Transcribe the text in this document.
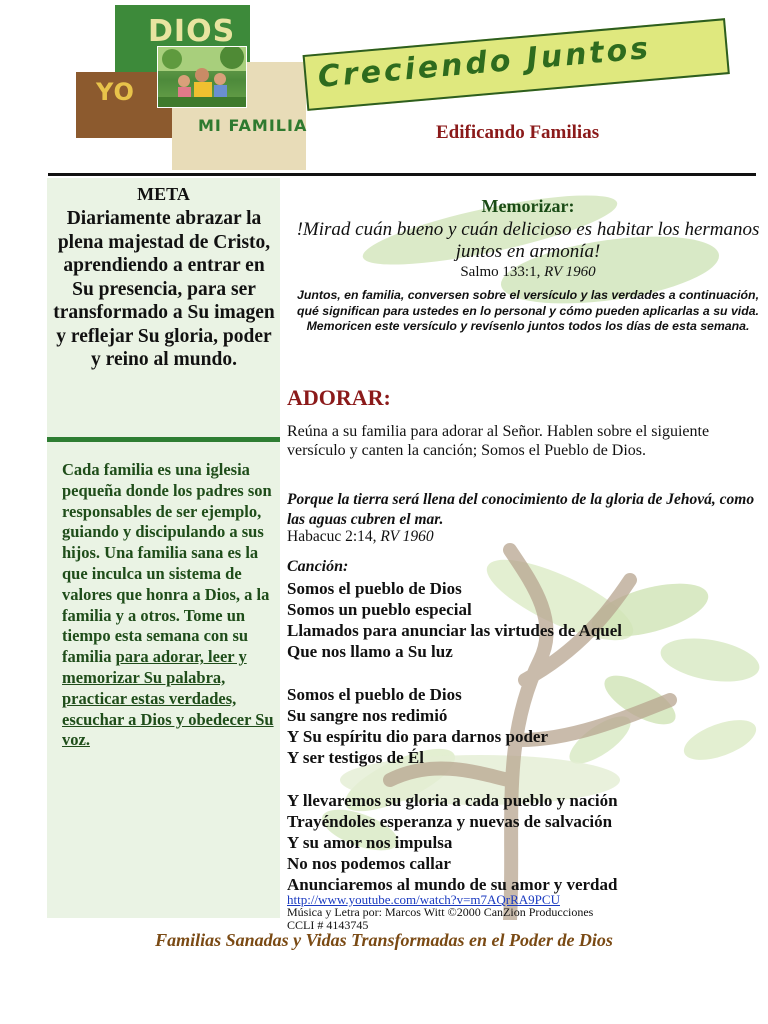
DIOS
YO
MI FAMILIA
Creciendo Juntos
Edificando Familias
META
Diariamente abrazar la plena majestad de Cristo, aprendiendo a entrar en Su presencia, para ser transformado a Su imagen y reflejar Su gloria, poder y reino al mundo.
Cada familia es una iglesia pequeña donde los padres son responsables de ser ejemplo, guiando y discipulando a sus hijos. Una familia sana es la que inculca un sistema de valores que honra a Dios, a la familia y a otros. Tome un tiempo esta semana con su familia para adorar, leer y memorizar Su palabra, practicar estas verdades, escuchar a Dios y obedecer Su voz.
Memorizar:
!Mirad cuán bueno y cuán delicioso es habitar los hermanos juntos en armonía!
Salmo 133:1, RV 1960
Juntos, en familia, conversen sobre el versículo y las verdades a continuación, qué significan para ustedes en lo personal y cómo pueden aplicarlas a su vida. Memoricen este versículo y revísenlo juntos todos los días de esta semana.
ADORAR:
Reúna a su familia para adorar al Señor. Hablen sobre el siguiente versículo y canten la canción; Somos el Pueblo de Dios.
Porque la tierra será llena del conocimiento de la gloria de Jehová, como las aguas cubren el mar.
Habacuc 2:14, RV 1960
Canción:
Somos el pueblo de Dios
Somos un pueblo especial
Llamados para anunciar las virtudes de Aquel
Que nos llamo a Su luz
Somos el pueblo de Dios
Su sangre nos redimió
Y Su espíritu dio para darnos poder
Y ser testigos de Él
Y llevaremos su gloria a cada pueblo y nación
Trayéndoles esperanza y nuevas de salvación
Y su amor nos impulsa
No nos podemos callar
Anunciaremos al mundo de su amor y verdad
http://www.youtube.com/watch?v=m7AQrRA9PCU
Música y Letra por: Marcos Witt ©2000 CanZion Producciones
CCLI # 4143745
Familias Sanadas y Vidas Transformadas en el Poder de Dios
